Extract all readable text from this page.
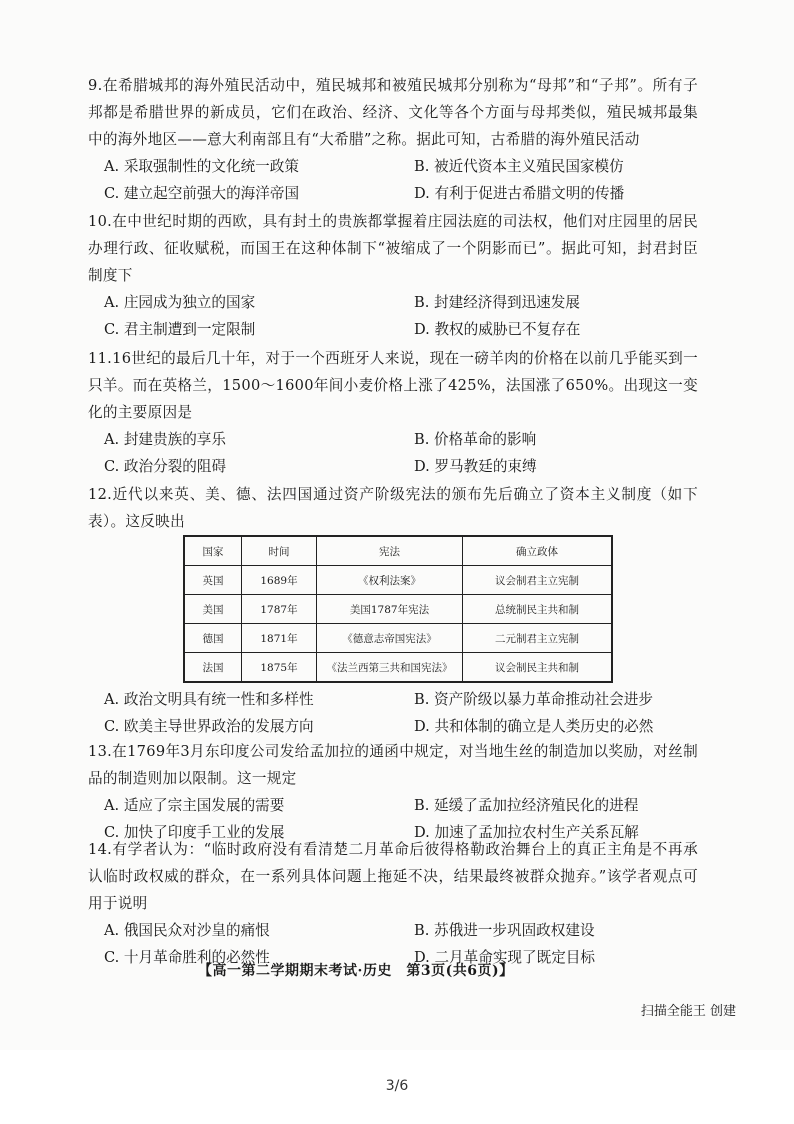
9.在希腊城邦的海外殖民活动中，殖民城邦和被殖民城邦分别称为“母邦”和“子邦”。所有子邦都是希腊世界的新成员，它们在政治、经济、文化等各个方面与母邦类似，殖民城邦最集中的海外地区——意大利南部且有“大希腊”之称。据此可知，古希腊的海外殖民活动
A. 采取强制性的文化统一政策	B. 被近代资本主义殖民国家模仿
C. 建立起空前强大的海洋帝国	D. 有利于促进古希腊文明的传播
10.在中世纪时期的西欧，具有封土的贵族都掌握着庄园法庭的司法权，他们对庄园里的居民办理行政、征收赋税，而国王在这种体制下“被缩成了一个阴影而已”。据此可知，封君封臣制度下
A. 庄园成为独立的国家	B. 封建经济得到迅速发展
C. 君主制遭到一定限制	D. 教权的威胁已不复存在
11.16世纪的最后几十年，对于一个西班牙人来说，现在一磅羊肉的价格在以前几乎能买到一只羊。而在英格兰，1500～1600年间小麦价格上涨了425%，法国涨了650%。出现这一变化的主要原因是
A. 封建贵族的享乐	B. 价格革命的影响
C. 政治分裂的阻碍	D. 罗马教廷的束缚
12.近代以来英、美、德、法四国通过资产阶级宪法的颁布先后确立了资本主义制度（如下表）。这反映出
国家	时间	宪法	确立政体
英国	1689年	《权利法案》	议会制君主立宪制
美国	1787年	美国1787年宪法	总统制民主共和制
德国	1871年	《德意志帝国宪法》	二元制君主立宪制
法国	1875年	《法兰西第三共和国宪法》	议会制民主共和制
A. 政治文明具有统一性和多样性	B. 资产阶级以暴力革命推动社会进步
C. 欧美主导世界政治的发展方向	D. 共和体制的确立是人类历史的必然
13.在1769年3月东印度公司发给孟加拉的通函中规定，对当地生丝的制造加以奖励，对丝制品的制造则加以限制。这一规定
A. 适应了宗主国发展的需要	B. 延缓了孟加拉经济殖民化的进程
C. 加快了印度手工业的发展	D. 加速了孟加拉农村生产关系瓦解
14.有学者认为：“临时政府没有看清楚二月革命后彼得格勒政治舞台上的真正主角是不再承认临时政权威的群众，在一系列具体问题上拖延不决，结果最终被群众抛弃。”该学者观点可用于说明
A. 俄国民众对沙皇的痛恨	B. 苏俄进一步巩固政权建设
C. 十月革命胜利的必然性	D. 二月革命实现了既定目标
【高一第二学期期末考试·历史　第3页(共6页)】
扫描全能王 创建
3/6
